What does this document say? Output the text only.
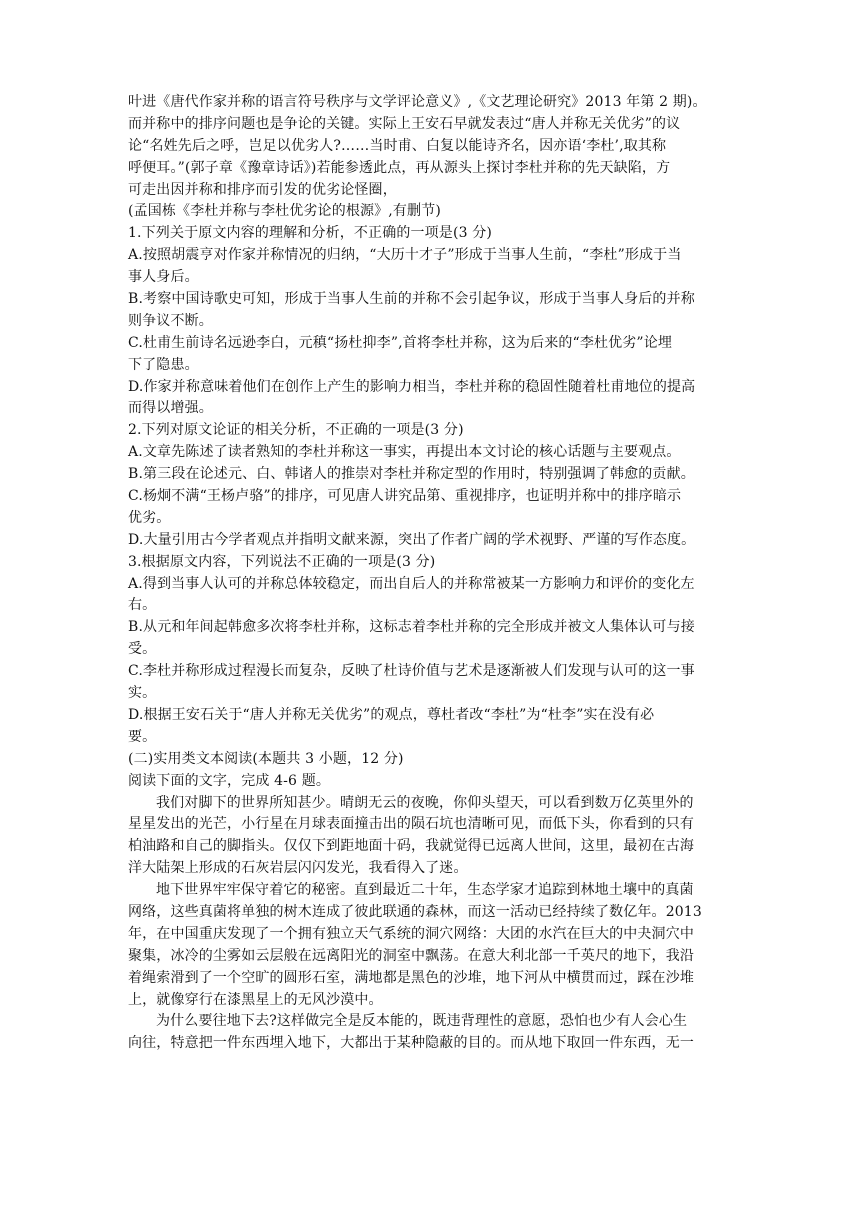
叶进《唐代作家并称的语言符号秩序与文学评论意义》,《文艺理论研究》2013 年第 2 期)。
而并称中的排序问题也是争论的关键。实际上王安石早就发表过“唐人并称无关优劣”的议
论“名姓先后之呼，岂足以优劣人?……当时甫、白复以能诗齐名，因亦语‘李杜’,取其称
呼便耳。”(郭子章《豫章诗话》)若能参透此点，再从源头上探讨李杜并称的先天缺陷，方
可走出因并称和排序而引发的优劣论怪圈，
(孟国栋《李杜并称与李杜优劣论的根源》,有删节)
1.下列关于原文内容的理解和分析，不正确的一项是(3 分)
A.按照胡震亨对作家并称情况的归纳，“大历十才子”形成于当事人生前，“李杜”形成于当
事人身后。
B.考察中国诗歌史可知，形成于当事人生前的并称不会引起争议，形成于当事人身后的并称
则争议不断。
C.杜甫生前诗名远逊李白，元稹“扬杜抑李”,首将李杜并称，这为后来的“李杜优劣”论埋
下了隐患。
D.作家并称意味着他们在创作上产生的影响力相当，李杜并称的稳固性随着杜甫地位的提高
而得以增强。
2.下列对原文论证的相关分析，不正确的一项是(3 分)
A.文章先陈述了读者熟知的李杜并称这一事实，再提出本文讨论的核心话题与主要观点。
B.第三段在论述元、白、韩诸人的推崇对李杜并称定型的作用时，特别强调了韩愈的贡献。
C.杨炯不满“王杨卢骆”的排序，可见唐人讲究品第、重视排序，也证明并称中的排序暗示
优劣。
D.大量引用古今学者观点并指明文献来源，突出了作者广阔的学术视野、严谨的写作态度。
3.根据原文内容，下列说法不正确的一项是(3 分)
A.得到当事人认可的并称总体较稳定，而出自后人的并称常被某一方影响力和评价的变化左
右。
B.从元和年间起韩愈多次将李杜并称，这标志着李杜并称的完全形成并被文人集体认可与接
受。
C.李杜并称形成过程漫长而复杂，反映了杜诗价值与艺术是逐渐被人们发现与认可的这一事
实。
D.根据王安石关于“唐人并称无关优劣”的观点，尊杜者改“李杜”为“杜李”实在没有必
要。
(二)实用类文本阅读(本题共 3 小题，12 分)
阅读下面的文字，完成 4-6 题。
我们对脚下的世界所知甚少。晴朗无云的夜晚，你仰头望天，可以看到数万亿英里外的
星星发出的光芒，小行星在月球表面撞击出的陨石坑也清晰可见，而低下头，你看到的只有
柏油路和自己的脚指头。仅仅下到距地面十码，我就觉得已远离人世间，这里，最初在古海
洋大陆架上形成的石灰岩层闪闪发光，我看得入了迷。
地下世界牢牢保守着它的秘密。直到最近二十年，生态学家才追踪到林地土壤中的真菌
网络，这些真菌将单独的树木连成了彼此联通的森林，而这一活动已经持续了数亿年。2013
年，在中国重庆发现了一个拥有独立天气系统的洞穴网络：大团的水汽在巨大的中夬洞穴中
聚集，冰冷的尘雾如云层般在远离阳光的洞室中飘荡。在意大利北部一千英尺的地下，我沿
着绳索滑到了一个空旷的圆形石室，满地都是黑色的沙堆，地下河从中横贯而过，踩在沙堆
上，就像穿行在漆黑星上的无风沙漠中。
为什么要往地下去?这样做完全是反本能的，既违背理性的意愿，恐怕也少有人会心生
向往，特意把一件东西埋入地下，大都出于某种隐蔽的目的。而从地下取回一件东西，无一
